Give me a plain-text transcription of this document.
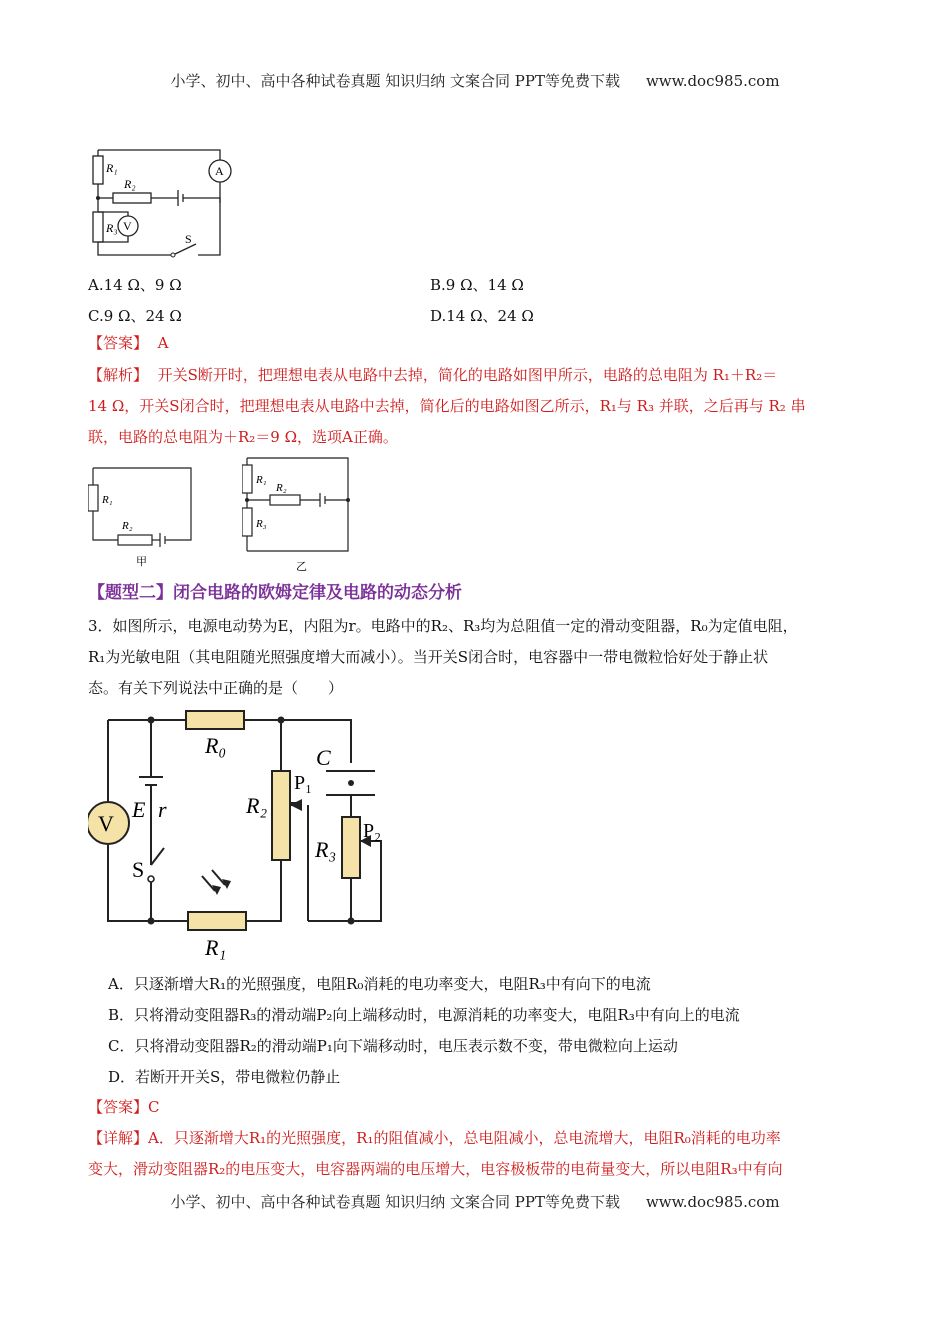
小学、初中、高中各种试卷真题 知识归纳 文案合同 PPT等免费下载 www.doc985.com
R₁
R₂
R₃
A
V
S
A.14 Ω、9 Ω	B.9 Ω、14 Ω
C.9 Ω、24 Ω	D.14 Ω、24 Ω
【答案】 A
【解析】 开关S断开时，把理想电表从电路中去掉，简化的电路如图甲所示，电路的总电阻为 R₁＋R₂＝
14 Ω，开关S闭合时，把理想电表从电路中去掉，简化后的电路如图乙所示，R₁与 R₃ 并联，之后再与 R₂ 串
联，电路的总电阻为＋R₂＝9 Ω，选项A正确。
R₁
R₂
甲
R₁
R₂
R₃
乙
【题型二】闭合电路的欧姆定律及电路的动态分析
3．如图所示，电源电动势为E，内阻为r。电路中的R₂、R₃均为总阻值一定的滑动变阻器，R₀为定值电阻，
R₁为光敏电阻（其电阻随光照强度增大而减小）。当开关S闭合时，电容器中一带电微粒恰好处于静止状
态。有关下列说法中正确的是（　　）
R₀
R₁
R₂
R₃
C
P₁
P₂
E r
S
V
A．只逐渐增大R₁的光照强度，电阻R₀消耗的电功率变大，电阻R₃中有向下的电流
B．只将滑动变阻器R₃的滑动端P₂向上端移动时，电源消耗的功率变大，电阻R₃中有向上的电流
C．只将滑动变阻器R₂的滑动端P₁向下端移动时，电压表示数不变，带电微粒向上运动
D．若断开开关S，带电微粒仍静止
【答案】C
【详解】A．只逐渐增大R₁的光照强度，R₁的阻值减小，总电阻减小，总电流增大，电阻R₀消耗的电功率
变大，滑动变阻器R₂的电压变大，电容器两端的电压增大，电容极板带的电荷量变大，所以电阻R₃中有向
小学、初中、高中各种试卷真题 知识归纳 文案合同 PPT等免费下载 www.doc985.com
